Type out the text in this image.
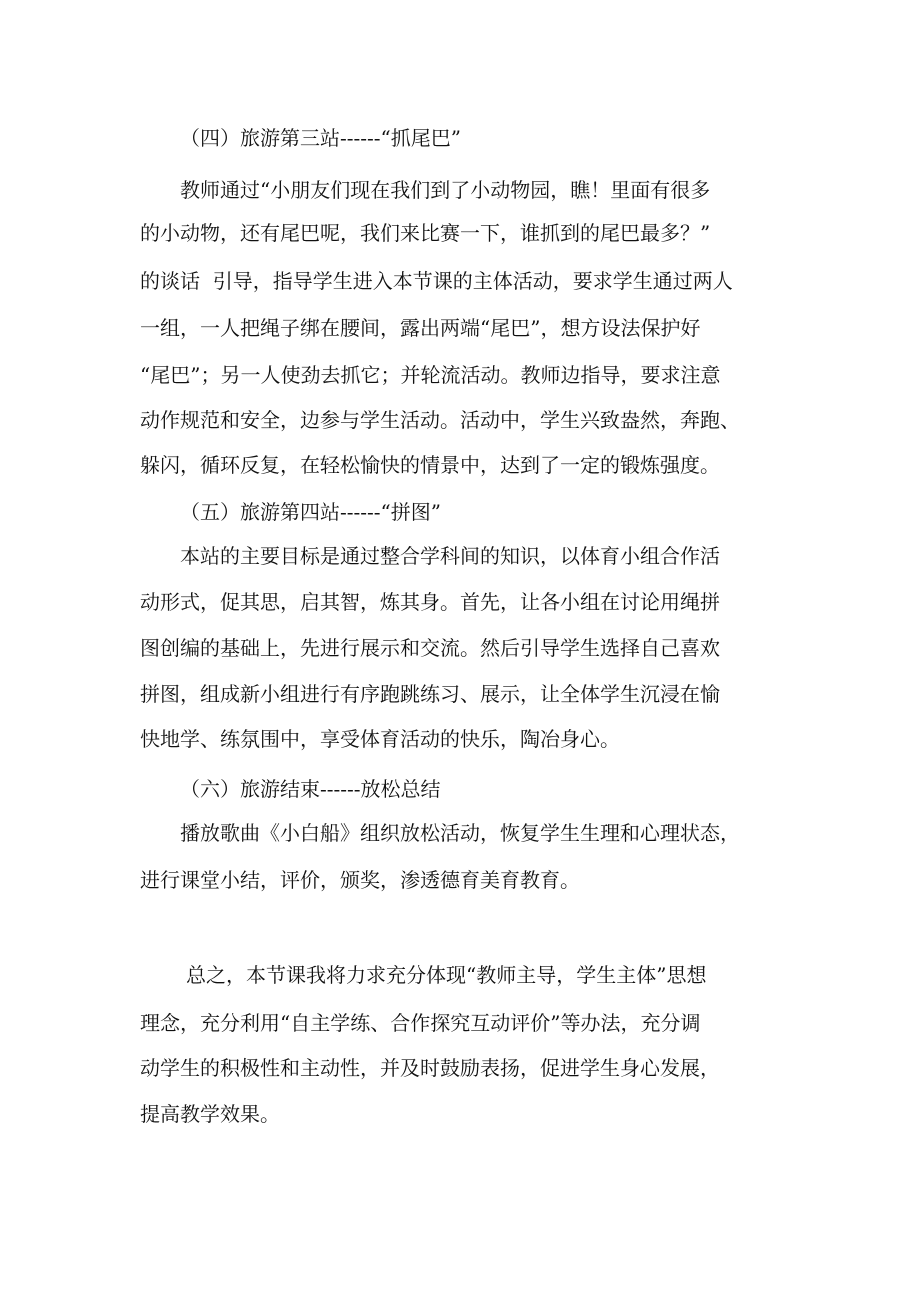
（四）旅游第三站------“抓尾巴”
教师通过“小朋友们现在我们到了小动物园，瞧！里面有很多
的小动物，还有尾巴呢，我们来比赛一下，谁抓到的尾巴最多？”
的谈话  引导，指导学生进入本节课的主体活动，要求学生通过两人
一组，一人把绳子绑在腰间，露出两端“尾巴”，想方设法保护好
“尾巴”；另一人使劲去抓它；并轮流活动。教师边指导，要求注意
动作规范和安全，边参与学生活动。活动中，学生兴致盎然，奔跑、
躲闪，循环反复，在轻松愉快的情景中，达到了一定的锻炼强度。
（五）旅游第四站------“拼图”
本站的主要目标是通过整合学科间的知识，以体育小组合作活
动形式，促其思，启其智，炼其身。首先，让各小组在讨论用绳拼
图创编的基础上，先进行展示和交流。然后引导学生选择自己喜欢
拼图，组成新小组进行有序跑跳练习、展示，让全体学生沉浸在愉
快地学、练氛围中，享受体育活动的快乐，陶冶身心。
（六）旅游结束------放松总结
播放歌曲《小白船》组织放松活动，恢复学生生理和心理状态，
进行课堂小结，评价，颁奖，渗透德育美育教育。
总之，本节课我将力求充分体现“教师主导，学生主体”思想
理念，充分利用“自主学练、合作探究互动评价”等办法，充分调
动学生的积极性和主动性，并及时鼓励表扬，促进学生身心发展，
提高教学效果。
